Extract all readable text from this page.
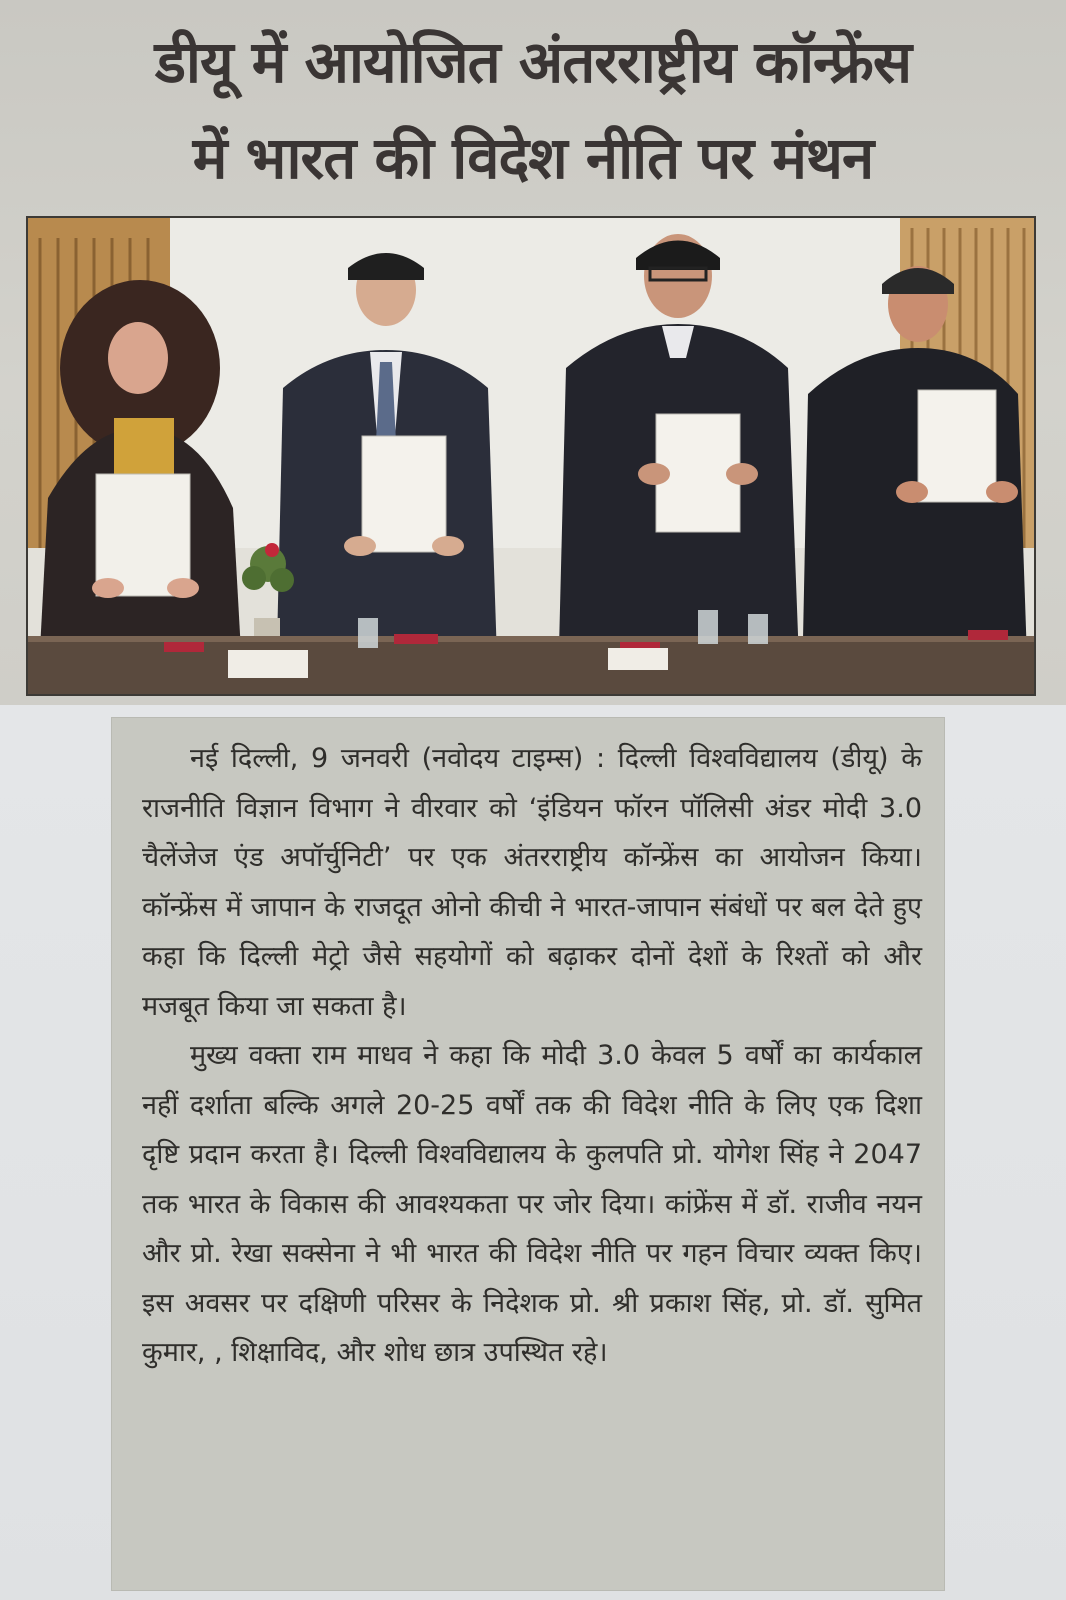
डीयू में आयोजित अंतरराष्ट्रीय कॉन्फ्रेंस
में भारत की विदेश नीति पर मंथन

नई दिल्ली, 9 जनवरी (नवोदय टाइम्स) : दिल्ली विश्वविद्यालय (डीयू) के राजनीति विज्ञान विभाग ने वीरवार को ‘इंडियन फॉरन पॉलिसी अंडर मोदी 3.0 चैलेंजेज एंड अपॉर्चुनिटी’ पर एक अंतरराष्ट्रीय कॉन्फ्रेंस का आयोजन किया। कॉन्फ्रेंस में जापान के राजदूत ओनो कीची ने भारत-जापान संबंधों पर बल देते हुए कहा कि दिल्ली मेट्रो जैसे सहयोगों को बढ़ाकर दोनों देशों के रिश्तों को और मजबूत किया जा सकता है।

मुख्य वक्ता राम माधव ने कहा कि मोदी 3.0 केवल 5 वर्षों का कार्यकाल नहीं दर्शाता बल्कि अगले 20-25 वर्षों तक की विदेश नीति के लिए एक दिशा दृष्टि प्रदान करता है। दिल्ली विश्वविद्यालय के कुलपति प्रो. योगेश सिंह ने 2047 तक भारत के विकास की आवश्यकता पर जोर दिया। कांफ्रेंस में डॉ. राजीव नयन और प्रो. रेखा सक्सेना ने भी भारत की विदेश नीति पर गहन विचार व्यक्त किए। इस अवसर पर दक्षिणी परिसर के निदेशक प्रो. श्री प्रकाश सिंह, प्रो. डॉ. सुमित कुमार, , शिक्षाविद, और शोध छात्र उपस्थित रहे।
